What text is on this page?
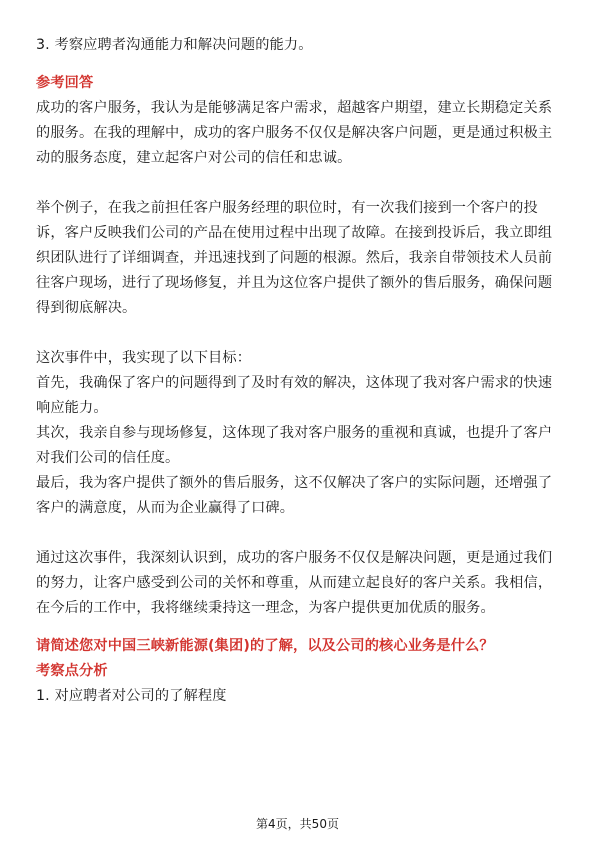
3. 考察应聘者沟通能力和解决问题的能力。
参考回答
成功的客户服务，我认为是能够满足客户需求，超越客户期望，建立长期稳定关系
的服务。在我的理解中，成功的客户服务不仅仅是解决客户问题，更是通过积极主
动的服务态度，建立起客户对公司的信任和忠诚。
举个例子，在我之前担任客户服务经理的职位时，有一次我们接到一个客户的投
诉，客户反映我们公司的产品在使用过程中出现了故障。在接到投诉后，我立即组
织团队进行了详细调查，并迅速找到了问题的根源。然后，我亲自带领技术人员前
往客户现场，进行了现场修复，并且为这位客户提供了额外的售后服务，确保问题
得到彻底解决。
这次事件中，我实现了以下目标：
首先，我确保了客户的问题得到了及时有效的解决，这体现了我对客户需求的快速
响应能力。
其次，我亲自参与现场修复，这体现了我对客户服务的重视和真诚，也提升了客户
对我们公司的信任度。
最后，我为客户提供了额外的售后服务，这不仅解决了客户的实际问题，还增强了
客户的满意度，从而为企业赢得了口碑。
通过这次事件，我深刻认识到，成功的客户服务不仅仅是解决问题，更是通过我们
的努力，让客户感受到公司的关怀和尊重，从而建立起良好的客户关系。我相信，
在今后的工作中，我将继续秉持这一理念，为客户提供更加优质的服务。
请简述您对中国三峡新能源(集团)的了解，以及公司的核心业务是什么？
考察点分析
1. 对应聘者对公司的了解程度
第4页，共50页
